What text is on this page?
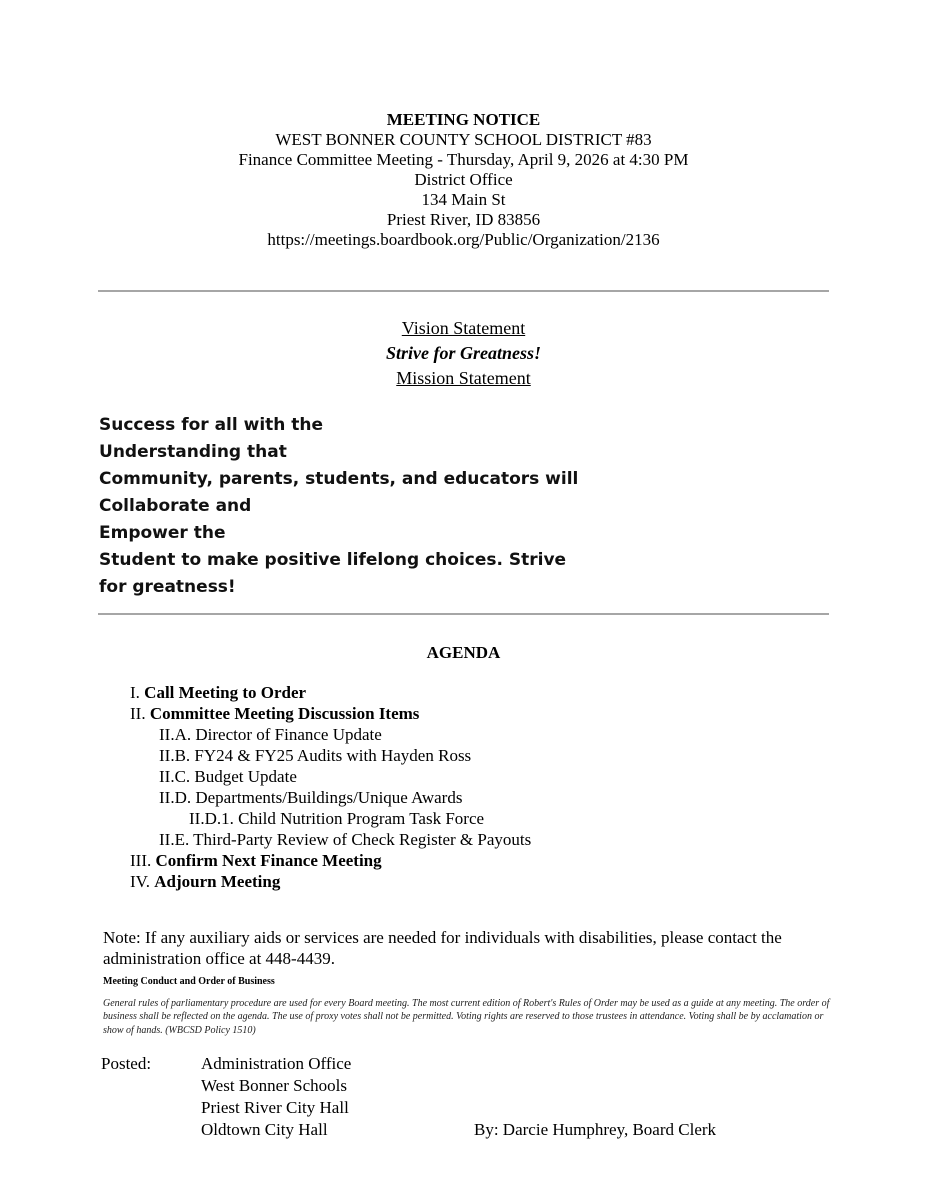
MEETING NOTICE
WEST BONNER COUNTY SCHOOL DISTRICT #83
Finance Committee Meeting - Thursday, April 9, 2026 at 4:30 PM
District Office
134 Main St
Priest River, ID 83856
https://meetings.boardbook.org/Public/Organization/2136
Vision Statement
Strive for Greatness!
Mission Statement
Success for all with the
Understanding that
Community, parents, students, and educators will
Collaborate and
Empower the
Student to make positive lifelong choices. Strive
for greatness!
AGENDA
I. Call Meeting to Order
II. Committee Meeting Discussion Items
II.A. Director of Finance Update
II.B. FY24 & FY25 Audits with Hayden Ross
II.C. Budget Update
II.D. Departments/Buildings/Unique Awards
II.D.1. Child Nutrition Program Task Force
II.E. Third-Party Review of Check Register & Payouts
III. Confirm Next Finance Meeting
IV. Adjourn Meeting
Note: If any auxiliary aids or services are needed for individuals with disabilities, please contact the administration office at 448-4439.
Meeting Conduct and Order of Business
General rules of parliamentary procedure are used for every Board meeting. The most current edition of Robert's Rules of Order may be used as a guide at any meeting. The order of business shall be reflected on the agenda. The use of proxy votes shall not be permitted. Voting rights are reserved to those trustees in attendance. Voting shall be by acclamation or show of hands. (WBCSD Policy 1510)
Posted:	Administration Office
West Bonner Schools
Priest River City Hall
Oldtown City Hall	By: Darcie Humphrey, Board Clerk
